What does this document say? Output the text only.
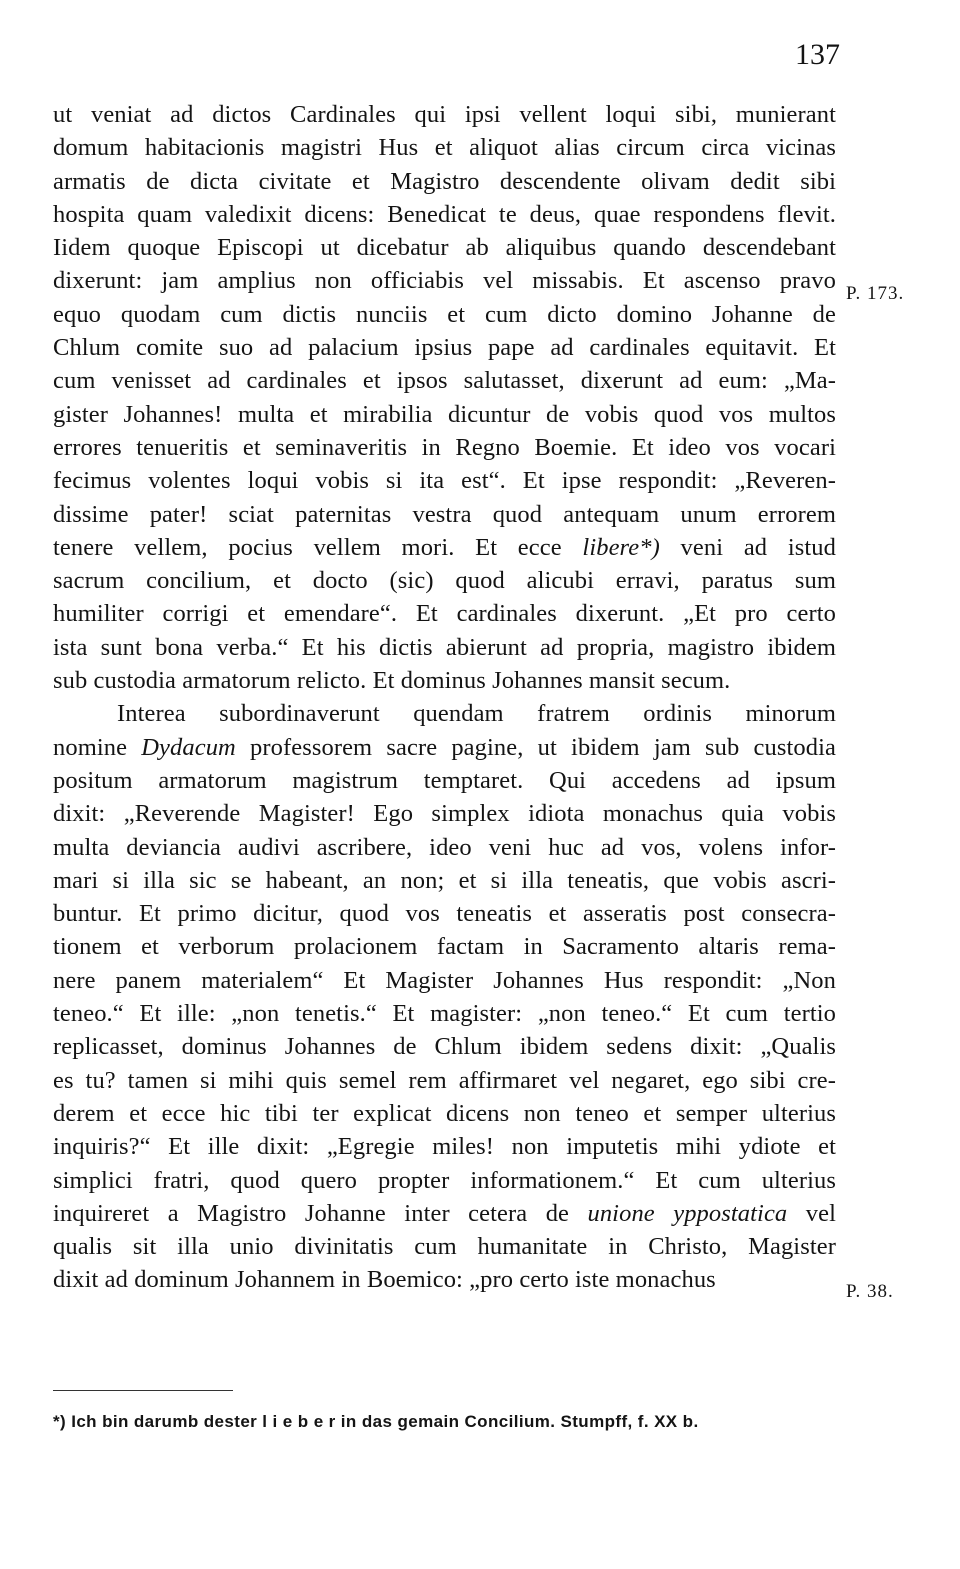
137
ut veniat ad dictos Cardinales qui ipsi vellent loqui sibi, munierant
domum habitacionis magistri Hus et aliquot alias circum circa vicinas
armatis de dicta civitate et Magistro descendente olivam dedit sibi
hospita quam valedixit dicens: Benedicat te deus, quae respondens flevit.
Iidem quoque Episcopi ut dicebatur ab aliquibus quando descendebant
dixerunt: jam amplius non officiabis vel missabis. Et ascenso pravo
equo quodam cum dictis nunciis et cum dicto domino Johanne de
Chlum comite suo ad palacium ipsius pape ad cardinales equitavit. Et
cum venisset ad cardinales et ipsos salutasset, dixerunt ad eum: „Ma-
gister Johannes! multa et mirabilia dicuntur de vobis quod vos multos
errores tenueritis et seminaveritis in Regno Boemie. Et ideo vos vocari
fecimus volentes loqui vobis si ita est“. Et ipse respondit: „Reveren-
dissime pater! sciat paternitas vestra quod antequam unum errorem
tenere vellem, pocius vellem mori. Et ecce libere*) veni ad istud
sacrum concilium, et docto (sic) quod alicubi erravi, paratus sum
humiliter corrigi et emendare“. Et cardinales dixerunt. „Et pro certo
ista sunt bona verba.“ Et his dictis abierunt ad propria, magistro ibidem
sub custodia armatorum relicto. Et dominus Johannes mansit secum.
Interea subordinaverunt quendam fratrem ordinis minorum
nomine Dydacum professorem sacre pagine, ut ibidem jam sub custodia
positum armatorum magistrum temptaret. Qui accedens ad ipsum
dixit: „Reverende Magister! Ego simplex idiota monachus quia vobis
multa deviancia audivi ascribere, ideo veni huc ad vos, volens infor-
mari si illa sic se habeant, an non; et si illa teneatis, que vobis ascri-
buntur. Et primo dicitur, quod vos teneatis et asseratis post consecra-
tionem et verborum prolacionem factam in Sacramento altaris rema-
nere panem materialem“ Et Magister Johannes Hus respondit: „Non
teneo.“ Et ille: „non tenetis.“ Et magister: „non teneo.“ Et cum tertio
replicasset, dominus Johannes de Chlum ibidem sedens dixit: „Qualis
es tu? tamen si mihi quis semel rem affirmaret vel negaret, ego sibi cre-
derem et ecce hic tibi ter explicat dicens non teneo et semper ulterius
inquiris?“ Et ille dixit: „Egregie miles! non imputetis mihi ydiote et
simplici fratri, quod quero propter informationem.“ Et cum ulterius
inquireret a Magistro Johanne inter cetera de unione yppostatica vel
qualis sit illa unio divinitatis cum humanitate in Christo, Magister
dixit ad dominum Johannem in Boemico: „pro certo iste monachus
P. 173.
P. 38.
*) Ich bin darumb dester l i e b e r in das gemain Concilium. Stumpff, f. XX b.
